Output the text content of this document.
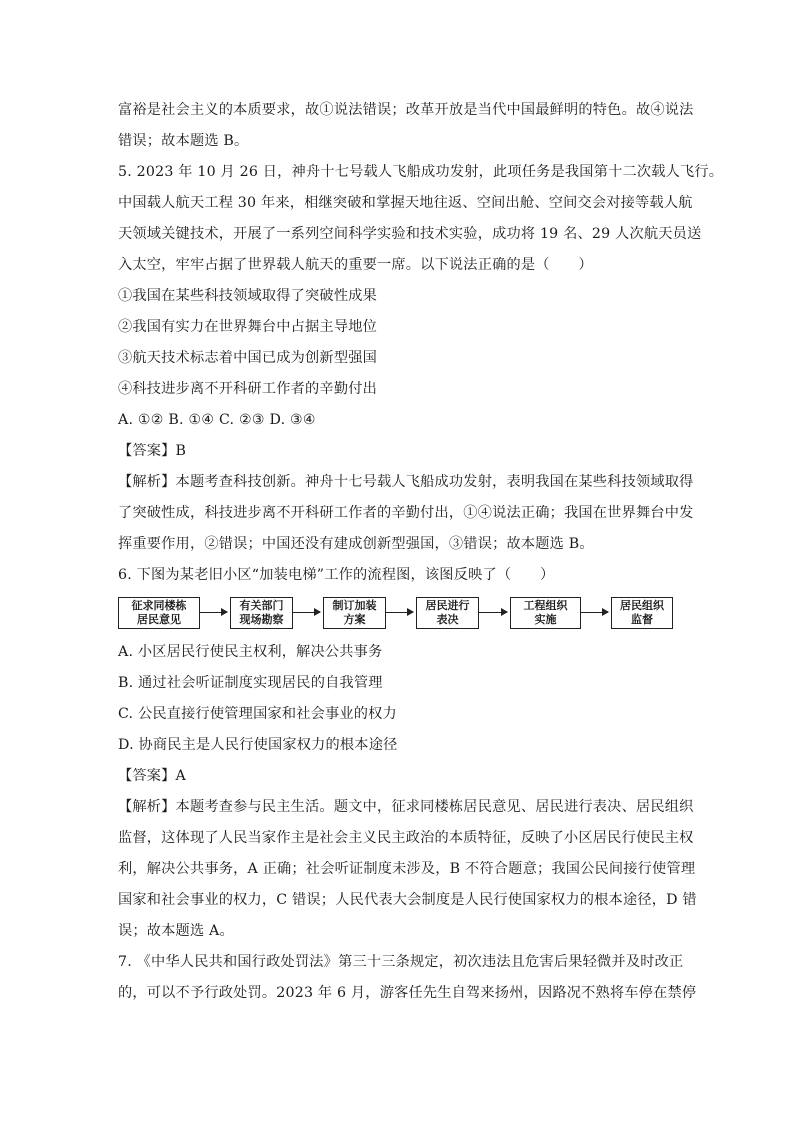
富裕是社会主义的本质要求，故①说法错误；改革开放是当代中国最鲜明的特色。故④说法
错误；故本题选 B。
5. 2023 年 10 月 26 日，神舟十七号载人飞船成功发射，此项任务是我国第十二次载人飞行。
中国载人航天工程 30 年来，相继突破和掌握天地往返、空间出舱、空间交会对接等载人航
天领域关键技术，开展了一系列空间科学实验和技术实验，成功将 19 名、29 人次航天员送
入太空，牢牢占据了世界载人航天的重要一席。以下说法正确的是（　　）
①我国在某些科技领域取得了突破性成果
②我国有实力在世界舞台中占据主导地位
③航天技术标志着中国已成为创新型强国
④科技进步离不开科研工作者的辛勤付出
A. ①② B. ①④ C. ②③ D. ③④
【答案】B
【解析】本题考查科技创新。神舟十七号载人飞船成功发射，表明我国在某些科技领域取得
了突破性成，科技进步离不开科研工作者的辛勤付出，①④说法正确；我国在世界舞台中发
挥重要作用，②错误；中国还没有建成创新型强国，③错误；故本题选 B。
6. 下图为某老旧小区“加装电梯”工作的流程图，该图反映了（　　）
征求同楼栋
居民意见
有关部门
现场勘察
制订加装
方案
居民进行
表决
工程组织
实施
居民组织
监督
A. 小区居民行使民主权利，解决公共事务
B. 通过社会听证制度实现居民的自我管理
C. 公民直接行使管理国家和社会事业的权力
D. 协商民主是人民行使国家权力的根本途径
【答案】A
【解析】本题考查参与民主生活。题文中，征求同楼栋居民意见、居民进行表决、居民组织
监督，这体现了人民当家作主是社会主义民主政治的本质特征，反映了小区居民行使民主权
利，解决公共事务，A 正确；社会听证制度未涉及，B 不符合题意；我国公民间接行使管理
国家和社会事业的权力，C 错误；人民代表大会制度是人民行使国家权力的根本途径，D 错
误；故本题选 A。
7. 《中华人民共和国行政处罚法》第三十三条规定，初次违法且危害后果轻微并及时改正
的，可以不予行政处罚。2023 年 6 月，游客任先生自驾来扬州，因路况不熟将车停在禁停
